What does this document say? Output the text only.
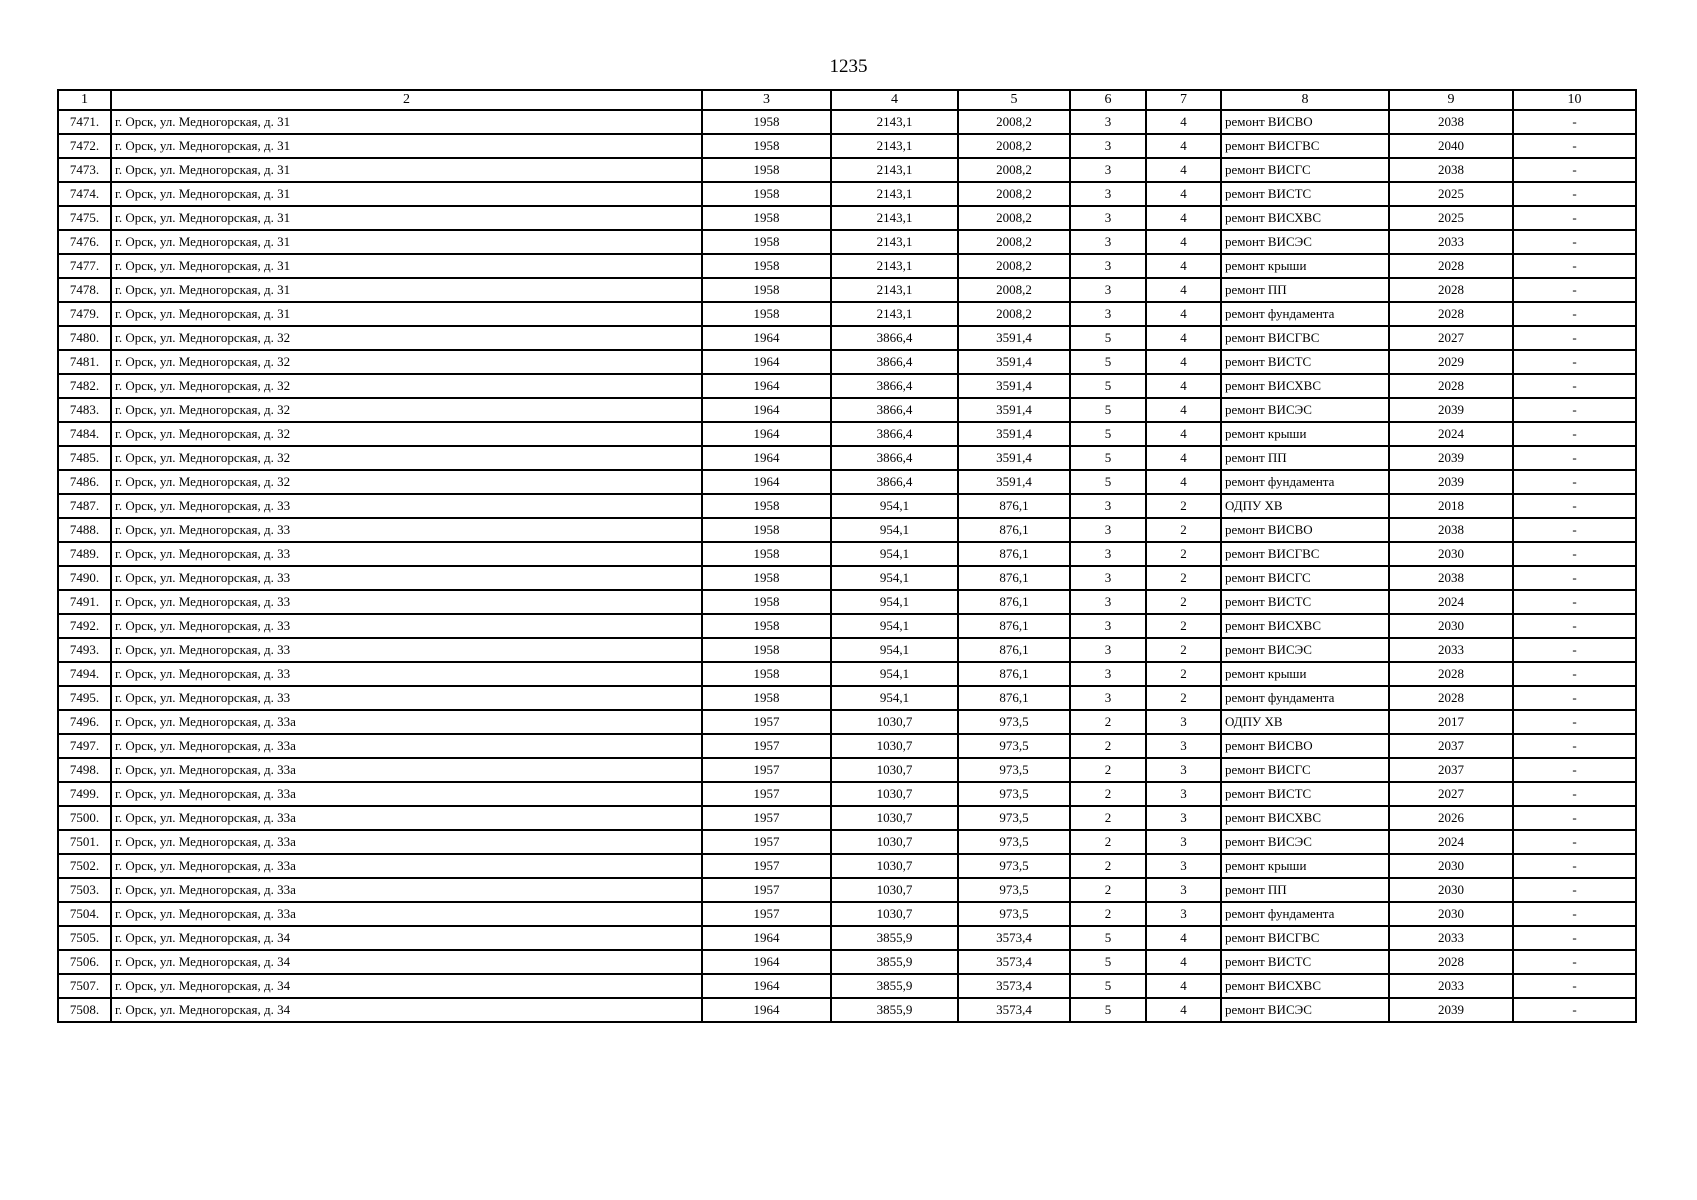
1235
1	2	3	4	5	6	7	8	9	10
7471.	г. Орск, ул. Медногорская, д. 31	1958	2143,1	2008,2	3	4	ремонт ВИСВО	2038	-
7472.	г. Орск, ул. Медногорская, д. 31	1958	2143,1	2008,2	3	4	ремонт ВИСГВС	2040	-
7473.	г. Орск, ул. Медногорская, д. 31	1958	2143,1	2008,2	3	4	ремонт ВИСГС	2038	-
7474.	г. Орск, ул. Медногорская, д. 31	1958	2143,1	2008,2	3	4	ремонт ВИСТС	2025	-
7475.	г. Орск, ул. Медногорская, д. 31	1958	2143,1	2008,2	3	4	ремонт ВИСХВС	2025	-
7476.	г. Орск, ул. Медногорская, д. 31	1958	2143,1	2008,2	3	4	ремонт ВИСЭС	2033	-
7477.	г. Орск, ул. Медногорская, д. 31	1958	2143,1	2008,2	3	4	ремонт крыши	2028	-
7478.	г. Орск, ул. Медногорская, д. 31	1958	2143,1	2008,2	3	4	ремонт ПП	2028	-
7479.	г. Орск, ул. Медногорская, д. 31	1958	2143,1	2008,2	3	4	ремонт фундамента	2028	-
7480.	г. Орск, ул. Медногорская, д. 32	1964	3866,4	3591,4	5	4	ремонт ВИСГВС	2027	-
7481.	г. Орск, ул. Медногорская, д. 32	1964	3866,4	3591,4	5	4	ремонт ВИСТС	2029	-
7482.	г. Орск, ул. Медногорская, д. 32	1964	3866,4	3591,4	5	4	ремонт ВИСХВС	2028	-
7483.	г. Орск, ул. Медногорская, д. 32	1964	3866,4	3591,4	5	4	ремонт ВИСЭС	2039	-
7484.	г. Орск, ул. Медногорская, д. 32	1964	3866,4	3591,4	5	4	ремонт крыши	2024	-
7485.	г. Орск, ул. Медногорская, д. 32	1964	3866,4	3591,4	5	4	ремонт ПП	2039	-
7486.	г. Орск, ул. Медногорская, д. 32	1964	3866,4	3591,4	5	4	ремонт фундамента	2039	-
7487.	г. Орск, ул. Медногорская, д. 33	1958	954,1	876,1	3	2	ОДПУ ХВ	2018	-
7488.	г. Орск, ул. Медногорская, д. 33	1958	954,1	876,1	3	2	ремонт ВИСВО	2038	-
7489.	г. Орск, ул. Медногорская, д. 33	1958	954,1	876,1	3	2	ремонт ВИСГВС	2030	-
7490.	г. Орск, ул. Медногорская, д. 33	1958	954,1	876,1	3	2	ремонт ВИСГС	2038	-
7491.	г. Орск, ул. Медногорская, д. 33	1958	954,1	876,1	3	2	ремонт ВИСТС	2024	-
7492.	г. Орск, ул. Медногорская, д. 33	1958	954,1	876,1	3	2	ремонт ВИСХВС	2030	-
7493.	г. Орск, ул. Медногорская, д. 33	1958	954,1	876,1	3	2	ремонт ВИСЭС	2033	-
7494.	г. Орск, ул. Медногорская, д. 33	1958	954,1	876,1	3	2	ремонт крыши	2028	-
7495.	г. Орск, ул. Медногорская, д. 33	1958	954,1	876,1	3	2	ремонт фундамента	2028	-
7496.	г. Орск, ул. Медногорская, д. 33а	1957	1030,7	973,5	2	3	ОДПУ ХВ	2017	-
7497.	г. Орск, ул. Медногорская, д. 33а	1957	1030,7	973,5	2	3	ремонт ВИСВО	2037	-
7498.	г. Орск, ул. Медногорская, д. 33а	1957	1030,7	973,5	2	3	ремонт ВИСГС	2037	-
7499.	г. Орск, ул. Медногорская, д. 33а	1957	1030,7	973,5	2	3	ремонт ВИСТС	2027	-
7500.	г. Орск, ул. Медногорская, д. 33а	1957	1030,7	973,5	2	3	ремонт ВИСХВС	2026	-
7501.	г. Орск, ул. Медногорская, д. 33а	1957	1030,7	973,5	2	3	ремонт ВИСЭС	2024	-
7502.	г. Орск, ул. Медногорская, д. 33а	1957	1030,7	973,5	2	3	ремонт крыши	2030	-
7503.	г. Орск, ул. Медногорская, д. 33а	1957	1030,7	973,5	2	3	ремонт ПП	2030	-
7504.	г. Орск, ул. Медногорская, д. 33а	1957	1030,7	973,5	2	3	ремонт фундамента	2030	-
7505.	г. Орск, ул. Медногорская, д. 34	1964	3855,9	3573,4	5	4	ремонт ВИСГВС	2033	-
7506.	г. Орск, ул. Медногорская, д. 34	1964	3855,9	3573,4	5	4	ремонт ВИСТС	2028	-
7507.	г. Орск, ул. Медногорская, д. 34	1964	3855,9	3573,4	5	4	ремонт ВИСХВС	2033	-
7508.	г. Орск, ул. Медногорская, д. 34	1964	3855,9	3573,4	5	4	ремонт ВИСЭС	2039	-
